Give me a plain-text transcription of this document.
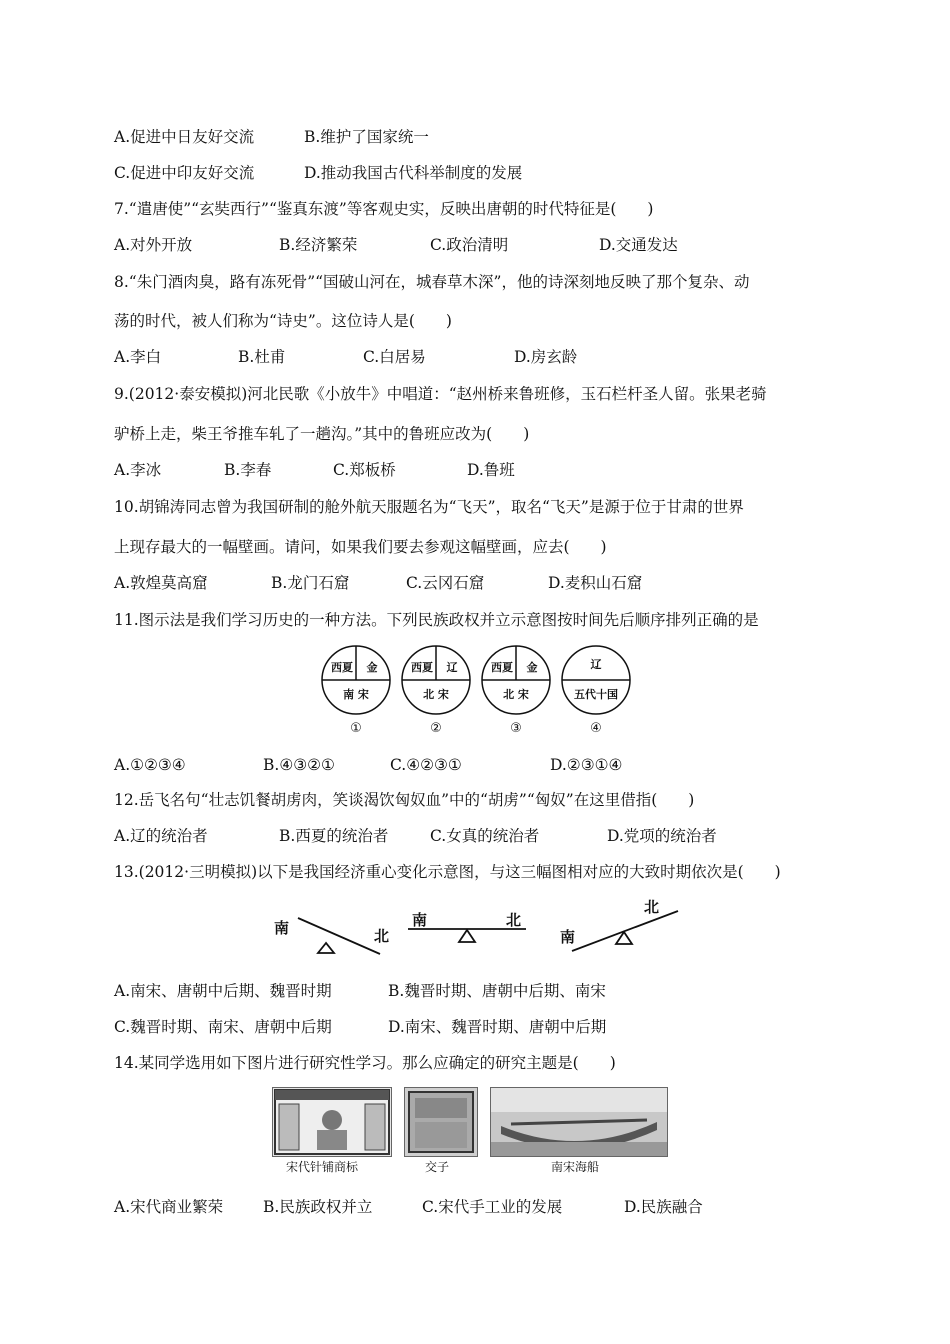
A.促进中日友好交流	B.维护了国家统一
C.促进中印友好交流	D.推动我国古代科举制度的发展
7.“遣唐使”“玄奘西行”“鉴真东渡”等客观史实，反映出唐朝的时代特征是(　　)
A.对外开放	B.经济繁荣	C.政治清明	D.交通发达
8.“朱门酒肉臭，路有冻死骨”“国破山河在，城春草木深”，他的诗深刻地反映了那个复杂、动
荡的时代，被人们称为“诗史”。这位诗人是(　　)
A.李白	B.杜甫	C.白居易	D.房玄龄
9.(2012·泰安模拟)河北民歌《小放牛》中唱道：“赵州桥来鲁班修，玉石栏杆圣人留。张果老骑
驴桥上走，柴王爷推车轧了一趟沟。”其中的鲁班应改为(　　)
A.李冰	B.李春	C.郑板桥	D.鲁班
10.胡锦涛同志曾为我国研制的舱外航天服题名为“飞天”，取名“飞天”是源于位于甘肃的世界
上现存最大的一幅壁画。请问，如果我们要去参观这幅壁画，应去(　　)
A.敦煌莫高窟	B.龙门石窟	C.云冈石窟	D.麦积山石窟
11.图示法是我们学习历史的一种方法。下列民族政权并立示意图按时间先后顺序排列正确的是
西夏 金
南 宋
西夏 辽
北 宋
西夏 金
北 宋
辽
五代十国
①	②	③	④
A.①②③④	B.④③②①	C.④②③①	D.②③①④
12.岳飞名句“壮志饥餐胡虏肉，笑谈渴饮匈奴血”中的“胡虏”“匈奴”在这里借指(　　)
A.辽的统治者	B.西夏的统治者	C.女真的统治者	D.党项的统治者
13.(2012·三明模拟)以下是我国经济重心变化示意图，与这三幅图相对应的大致时期依次是(　　)
南	北
南	北
南
北
A.南宋、唐朝中后期、魏晋时期	B.魏晋时期、唐朝中后期、南宋
C.魏晋时期、南宋、唐朝中后期	D.南宋、魏晋时期、唐朝中后期
14.某同学选用如下图片进行研究性学习。那么应确定的研究主题是(　　)
宋代针铺商标	交子	南宋海船
A.宋代商业繁荣	B.民族政权并立	C.宋代手工业的发展	D.民族融合
